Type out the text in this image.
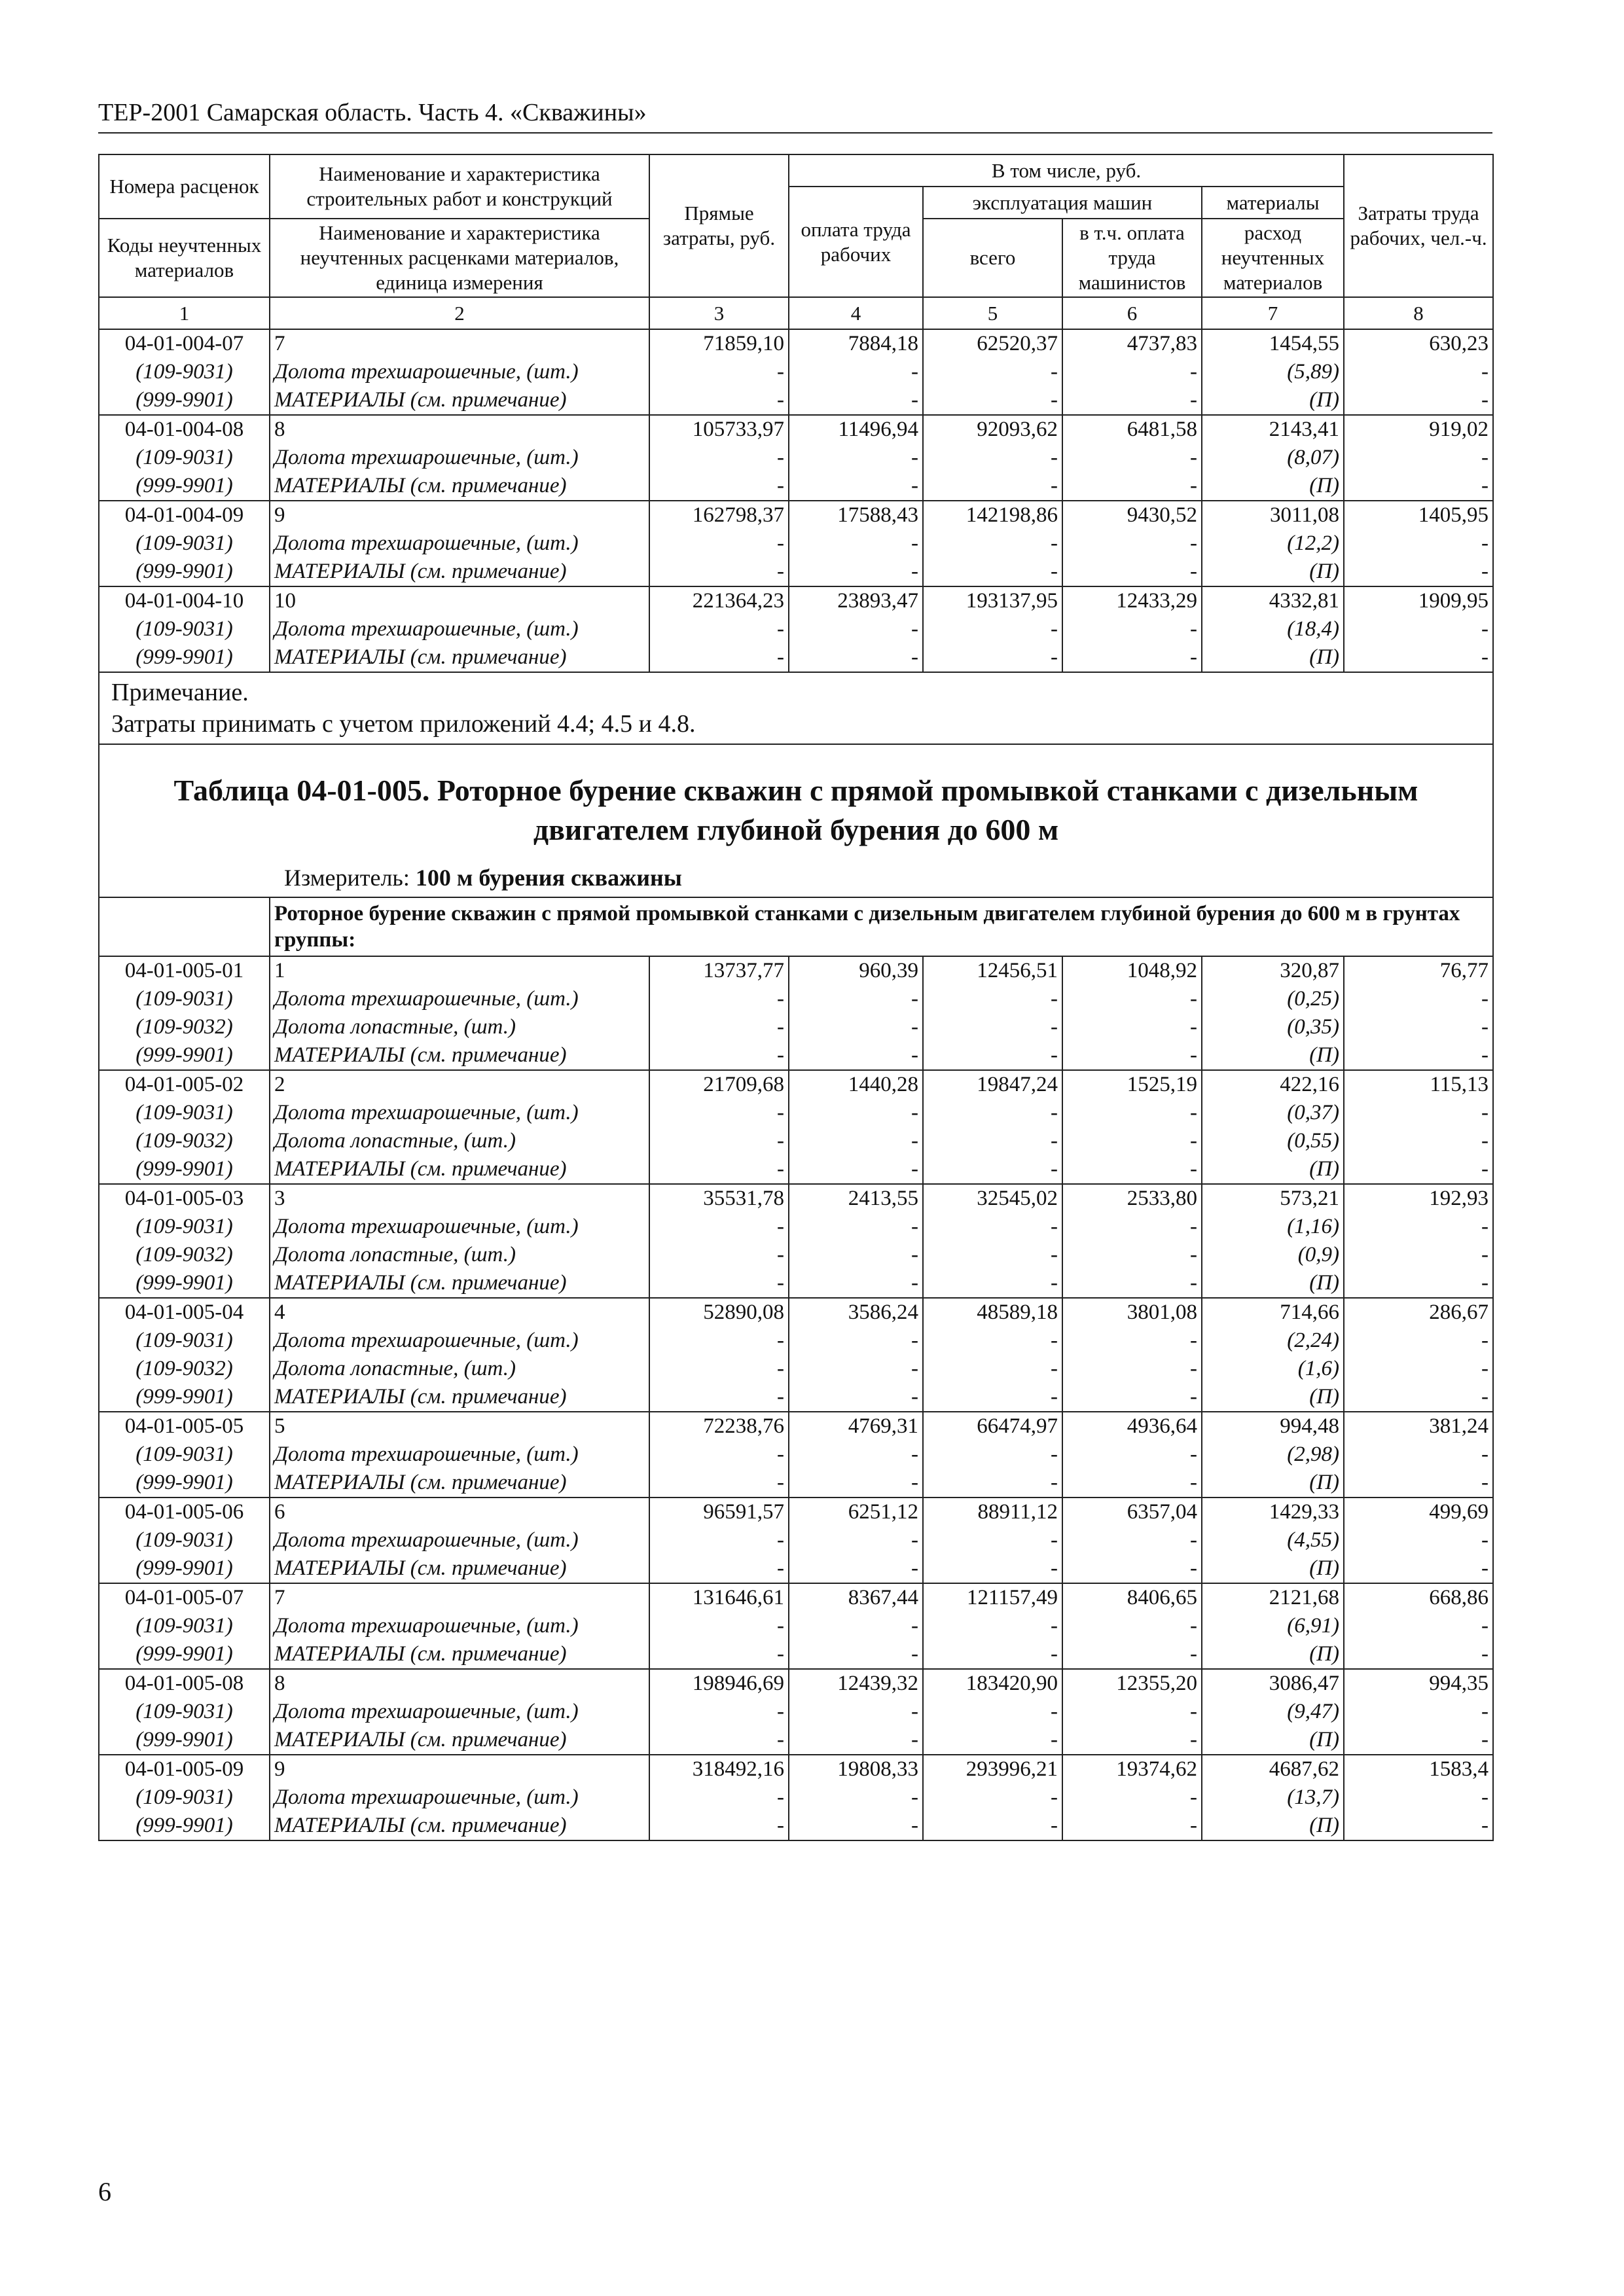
ТЕР-2001 Самарская область. Часть 4. «Скважины»
Номера расценок	Наименование и характеристика строительных работ и конструкций	Прямые затраты, руб.	В том числе, руб.				Затраты труда рабочих, чел.-ч.
			оплата труда рабочих	эксплуатация машин		материалы	
Коды неучтенных материалов	Наименование и характеристика неучтенных расценками материалов, единица измерения			всего	в т.ч. оплата труда машинистов	расход неучтенных материалов	

1	2	3	4	5	6	7	8
04-01-004-07	7	71859,10	7884,18	62520,37	4737,83	1454,55	630,23
(109-9031)	Долота трехшарошечные, (шт.)	-	-	-	-	(5,89)	-
(999-9901)	МАТЕРИАЛЫ (см. примечание)	-	-	-	-	(П)	-
04-01-004-08	8	105733,97	11496,94	92093,62	6481,58	2143,41	919,02
(109-9031)	Долота трехшарошечные, (шт.)	-	-	-	-	(8,07)	-
(999-9901)	МАТЕРИАЛЫ (см. примечание)	-	-	-	-	(П)	-
04-01-004-09	9	162798,37	17588,43	142198,86	9430,52	3011,08	1405,95
(109-9031)	Долота трехшарошечные, (шт.)	-	-	-	-	(12,2)	-
(999-9901)	МАТЕРИАЛЫ (см. примечание)	-	-	-	-	(П)	-
04-01-004-10	10	221364,23	23893,47	193137,95	12433,29	4332,81	1909,95
(109-9031)	Долота трехшарошечные, (шт.)	-	-	-	-	(18,4)	-
(999-9901)	МАТЕРИАЛЫ (см. примечание)	-	-	-	-	(П)	-

Примечание.
Затраты принимать с учетом приложений 4.4; 4.5 и 4.8.							

Таблица 04-01-005. Роторное бурение скважин с прямой промывкой станками с дизельным двигателем глубиной бурения до 600 м
Измеритель: 100 м бурения скважины							

	Роторное бурение скважин с прямой промывкой станками с дизельным двигателем глубиной бурения до 600 м в грунтах группы:						
04-01-005-01	1	13737,77	960,39	12456,51	1048,92	320,87	76,77
(109-9031)	Долота трехшарошечные, (шт.)	-	-	-	-	(0,25)	-
(109-9032)	Долота лопастные, (шт.)	-	-	-	-	(0,35)	-
(999-9901)	МАТЕРИАЛЫ (см. примечание)	-	-	-	-	(П)	-
04-01-005-02	2	21709,68	1440,28	19847,24	1525,19	422,16	115,13
(109-9031)	Долота трехшарошечные, (шт.)	-	-	-	-	(0,37)	-
(109-9032)	Долота лопастные, (шт.)	-	-	-	-	(0,55)	-
(999-9901)	МАТЕРИАЛЫ (см. примечание)	-	-	-	-	(П)	-
04-01-005-03	3	35531,78	2413,55	32545,02	2533,80	573,21	192,93
(109-9031)	Долота трехшарошечные, (шт.)	-	-	-	-	(1,16)	-
(109-9032)	Долота лопастные, (шт.)	-	-	-	-	(0,9)	-
(999-9901)	МАТЕРИАЛЫ (см. примечание)	-	-	-	-	(П)	-
04-01-005-04	4	52890,08	3586,24	48589,18	3801,08	714,66	286,67
(109-9031)	Долота трехшарошечные, (шт.)	-	-	-	-	(2,24)	-
(109-9032)	Долота лопастные, (шт.)	-	-	-	-	(1,6)	-
(999-9901)	МАТЕРИАЛЫ (см. примечание)	-	-	-	-	(П)	-
04-01-005-05	5	72238,76	4769,31	66474,97	4936,64	994,48	381,24
(109-9031)	Долота трехшарошечные, (шт.)	-	-	-	-	(2,98)	-
(999-9901)	МАТЕРИАЛЫ (см. примечание)	-	-	-	-	(П)	-
04-01-005-06	6	96591,57	6251,12	88911,12	6357,04	1429,33	499,69
(109-9031)	Долота трехшарошечные, (шт.)	-	-	-	-	(4,55)	-
(999-9901)	МАТЕРИАЛЫ (см. примечание)	-	-	-	-	(П)	-
04-01-005-07	7	131646,61	8367,44	121157,49	8406,65	2121,68	668,86
(109-9031)	Долота трехшарошечные, (шт.)	-	-	-	-	(6,91)	-
(999-9901)	МАТЕРИАЛЫ (см. примечание)	-	-	-	-	(П)	-
04-01-005-08	8	198946,69	12439,32	183420,90	12355,20	3086,47	994,35
(109-9031)	Долота трехшарошечные, (шт.)	-	-	-	-	(9,47)	-
(999-9901)	МАТЕРИАЛЫ (см. примечание)	-	-	-	-	(П)	-
04-01-005-09	9	318492,16	19808,33	293996,21	19374,62	4687,62	1583,4
(109-9031)	Долота трехшарошечные, (шт.)	-	-	-	-	(13,7)	-
(999-9901)	МАТЕРИАЛЫ (см. примечание)	-	-	-	-	(П)	-
6
